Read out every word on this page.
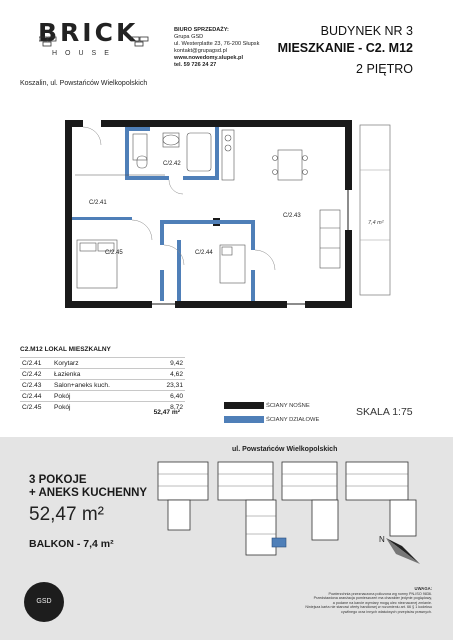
BRICK
HOUSE
Koszalin, ul. Powstańców Wielkopolskich
BIURO SPRZEDAŻY:
Grupa GSD
ul. Westerplatte 23, 76-200 Słupsk
kontakt@grupagsd.pl
www.nowedomy.slupek.pl
tel. 59 726 24 27
BUDYNEK NR 3
MIESZKANIE - C2. M12
2 PIĘTRO
C/2.42
C/2.41
C/2.43
C/2.45	C/2.44
7,4 m²
C2.M12 LOKAL MIESZKALNY
C/2.41	Korytarz	9,42
C/2.42	Łazienka	4,62
C/2.43	Salon+aneks kuch.	23,31
C/2.44	Pokój	6,40
C/2.45	Pokój	8,72
52,47 m²
ŚCIANY NOŚNE
ŚCIANY DZIAŁOWE
SKALA 1:75
3 POKOJE
+ ANEKS KUCHENNY
52,47 m²
BALKON - 7,4 m²
ul. Powstańców Wielkopolskich
N
GSD
UWAGA:
Powierzchnia przeznaczona policzona wg normy PN-ISO 9836.
Przedstawiona aranżacja pomieszczeń ma charakter jedynie poglądowy,
a podane na karcie wymiary mogą ulec nieznacznej zmianie.
Niniejsza karta nie stanowi oferty handlowej w rozumieniu art. 66 § 1 kodeksu
cywilnego oraz innych właściwych przepisów prawnych.
